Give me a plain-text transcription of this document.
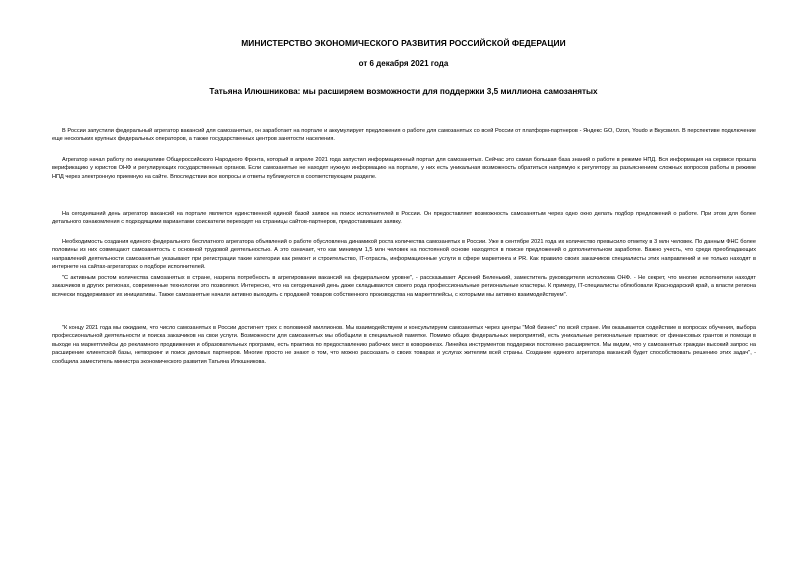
МИНИСТЕРСТВО ЭКОНОМИЧЕСКОГО РАЗВИТИЯ РОССИЙСКОЙ ФЕДЕРАЦИИ
от 6 декабря 2021 года
Татьяна Илюшникова: мы расширяем возможности для поддержки 3,5 миллиона самозанятых

В России запустили федеральный агрегатор вакансий для самозанятых, он заработает на портале и аккумулирует предложения о работе для самозанятых со всей России от платформ-партнеров - Яндекс GO, Ozon, Youdo и Вкусвилл. В перспективе подключение еще нескольких крупных федеральных операторов, а также государственных центров занятости населения.

Агрегатор начал работу по инициативе Общероссийского Народного Фронта, который в апреле 2021 года запустил информационный портал для самозанятых. Сейчас это самая большая база знаний о работе в режиме НПД. Вся информация на сервисе прошла верификацию у юристов ОНФ и регулирующих государственных органов. Если самозанятые не находят нужную информацию на портале, у них есть уникальная возможность обратиться напрямую к регулятору за разъяснением сложных вопросов работы в режиме НПД через электронную приемную на сайте. Впоследствии все вопросы и ответы публикуются в соответствующем разделе.

На сегодняшний день агрегатор вакансий на портале является единственной единой базой заявок на поиск исполнителей в России. Он предоставляет возможность самозанятым через одно окно делать подбор предложений о работе. При этом для более детального ознакомления с подходящими вариантами соискатели переходят на страницы сайтов-партнеров, предоставивших заявку.

Необходимость создания единого федерального бесплатного агрегатора объявлений о работе обусловлена динамикой роста количества самозанятых в России. Уже в сентябре 2021 года их количество превысило отметку в 3 млн человек. По данным ФНС более половины из них совмещают самозанятость с основной трудовой деятельностью. А это означает, что как минимум 1,5 млн человек на постоянной основе находятся в поиске предложений о дополнительном заработке. Важно учесть, что среди преобладающих направлений деятельности самозанятые указывают при регистрации такие категории как ремонт и строительство, IT-отрасль, информационные услуги в сфере маркетинга и PR. Как правило своих заказчиков специалисты этих направлений и не только находят в интернете на сайтах-агрегаторах о подборе исполнителей.

"С активным ростом количества самозанятых в стране, назрела потребность в агрегировании вакансий на федеральном уровне", - рассказывает Арсений Беленький, заместитель руководителя исполкома ОНФ. - Не секрет, что многие исполнители находят заказчиков в других регионах, современные технологии это позволяют. Интересно, что на сегодняшний день даже складываются своего рода профессиональные региональные кластеры. К примеру, IT-специалисты облюбовали Краснодарский край, а власти региона всячески поддерживают их инициативы. Также самозанятые начали активно выходить с продажей товаров собственного производства на маркетплейсы, с которыми мы активно взаимодействуем".

"К концу 2021 года мы ожидаем, что число самозанятых в России достигнет трех с половиной миллионов. Мы взаимодействуем и консультируем самозанятых через центры "Мой бизнес" по всей стране. Им оказывается содействие в вопросах обучения, выбора профессиональной деятельности и поиска заказчиков на свои услуги. Возможности для самозанятых мы обобщили в специальной памятке. Помимо общих федеральных мероприятий, есть уникальные региональные практики: от финансовых грантов и помощи в выходе на маркетплейсы до рекламного продвижения и образовательных программ, есть практика по предоставлению рабочих мест в коворкингах. Линейка инструментов поддержки постоянно расширяется. Мы видим, что у самозанятых граждан высокий запрос на расширение клиентской базы, нетворкинг и поиск деловых партнеров. Многие просто не знают о том, что можно рассказать о своих товарах и услугах жителям всей страны. Создание единого агрегатора вакансий будет способствовать решению этих задач", - сообщила заместитель министра экономического развития Татьяна Илюшникова.
